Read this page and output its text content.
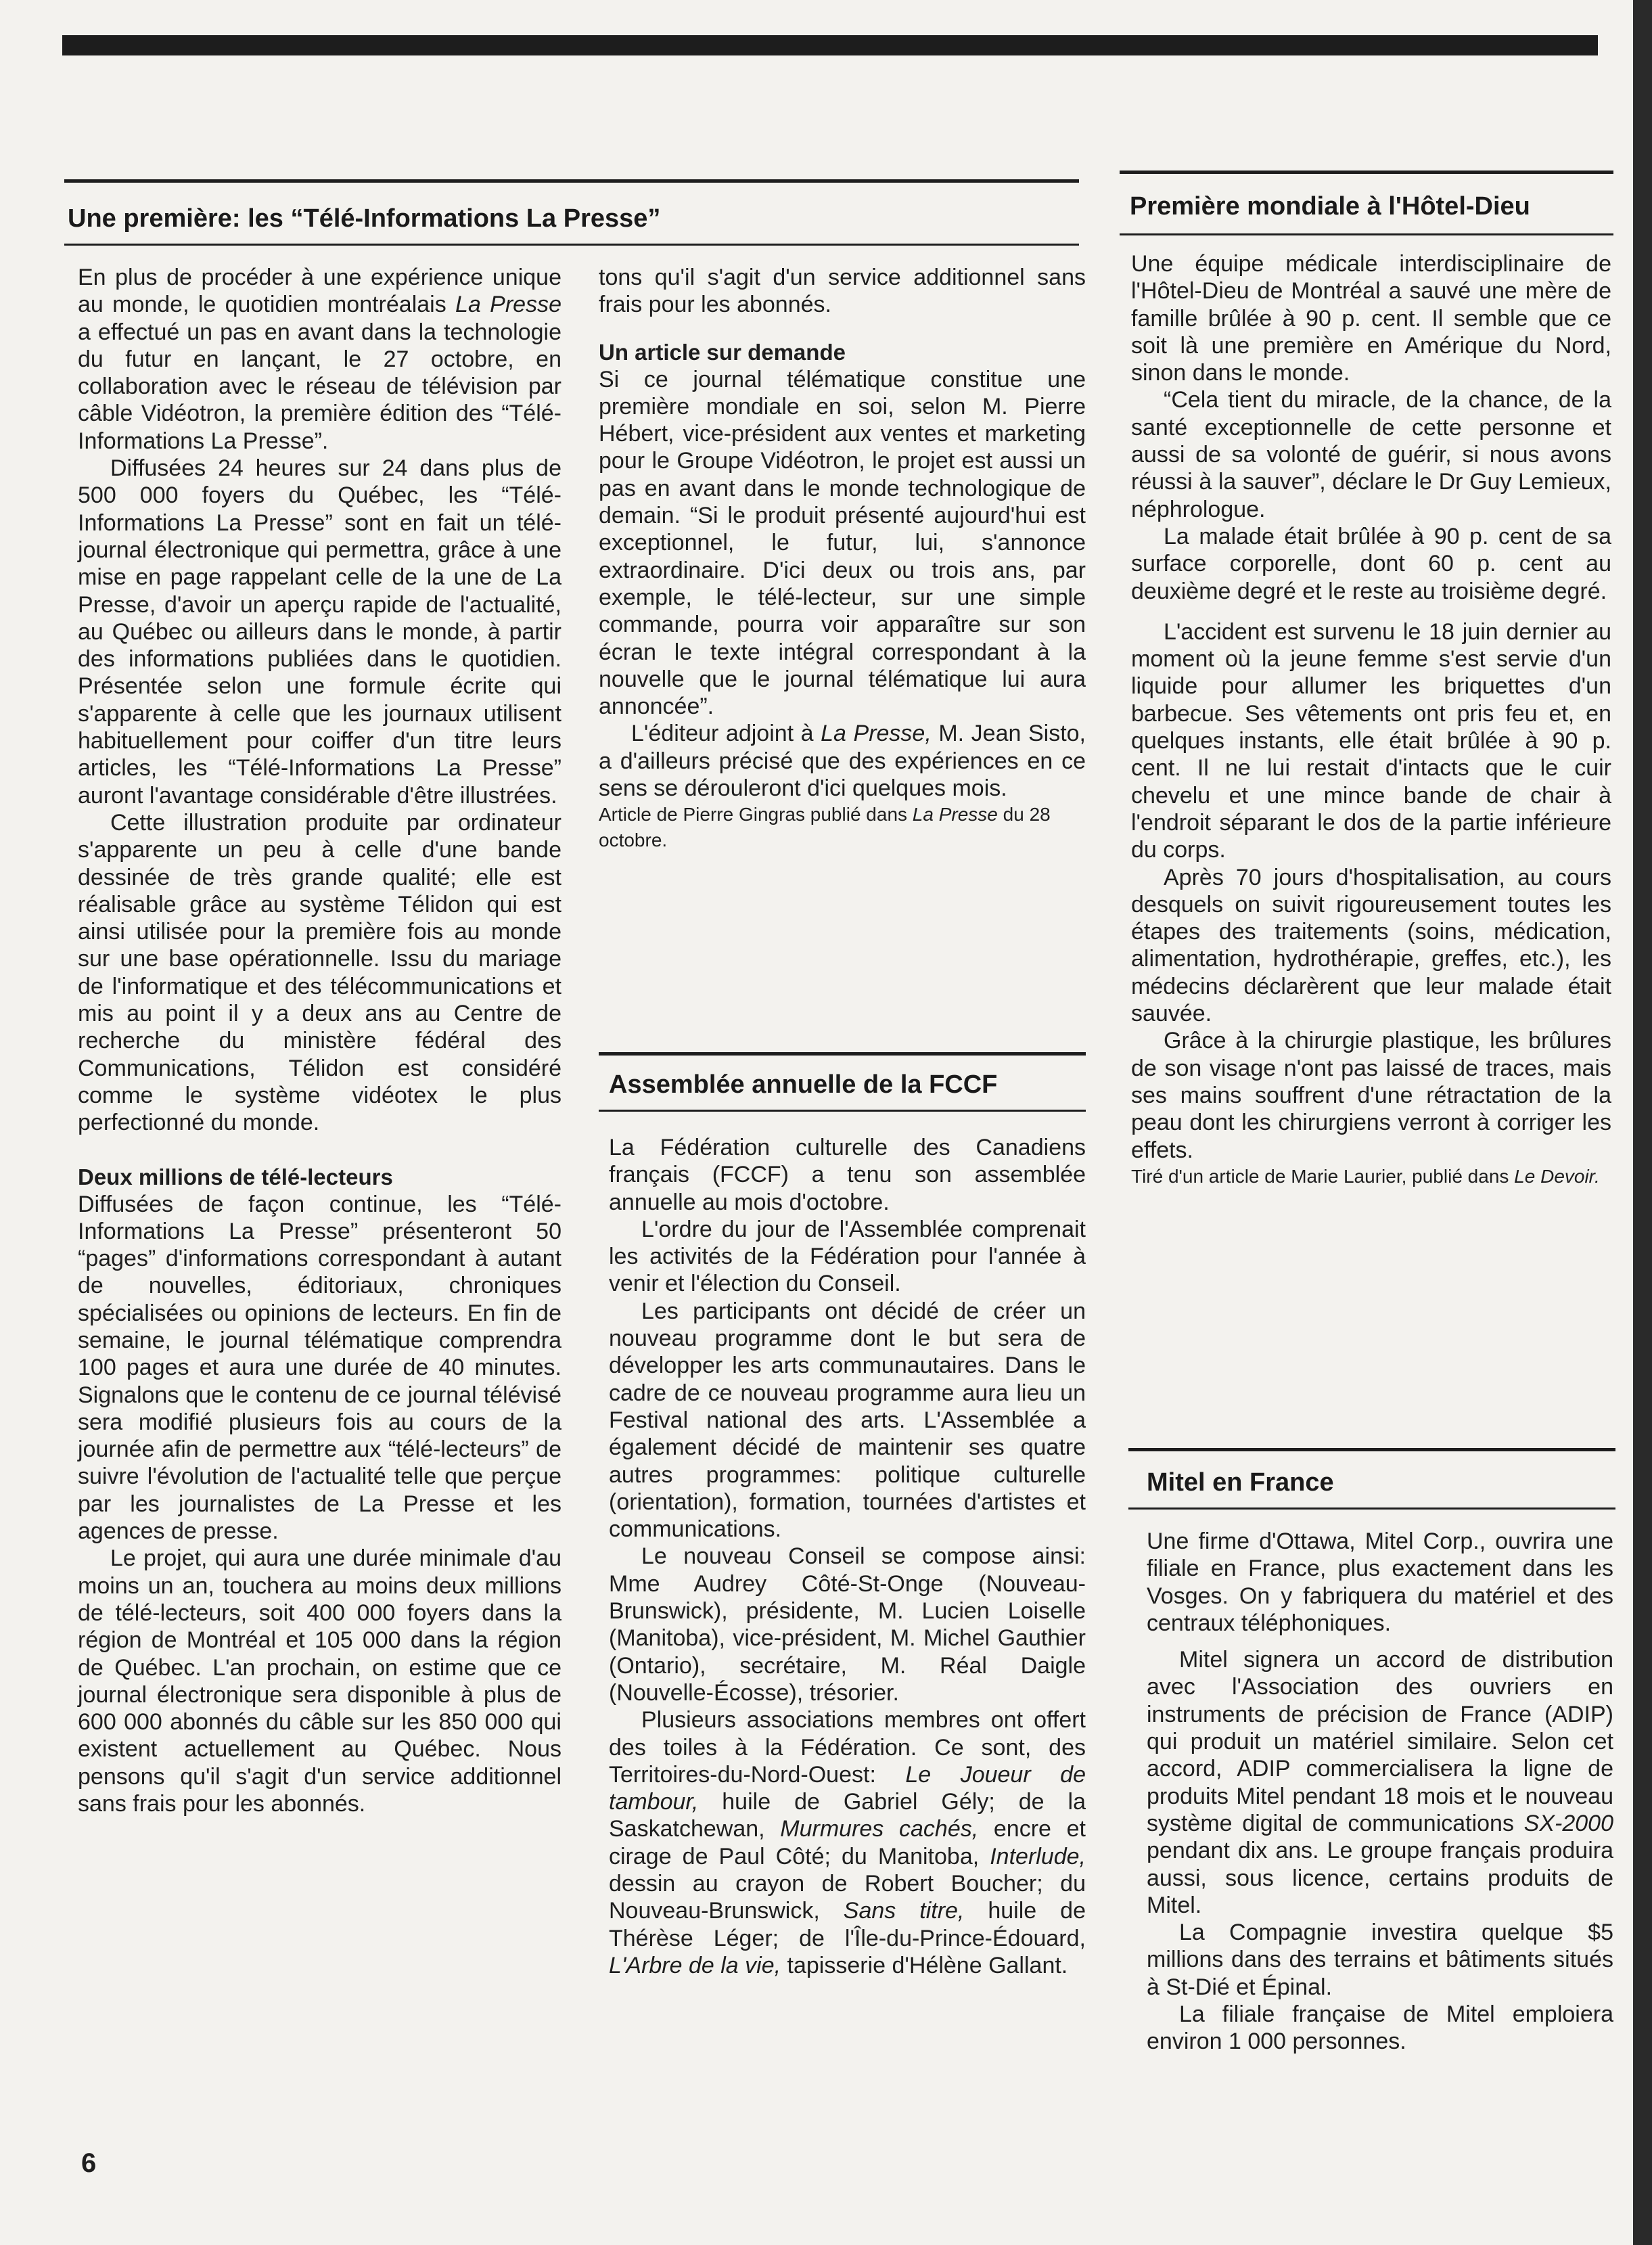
Une première: les “Télé-Informations La Presse”

En plus de procéder à une expérience unique au monde, le quotidien montréalais La Presse a effectué un pas en avant dans la technologie du futur en lançant, le 27 octobre, en collaboration avec le réseau de télévision par câble Vidéotron, la première édition des “Télé-Informations La Presse”.

Diffusées 24 heures sur 24 dans plus de 500 000 foyers du Québec, les “Télé-Informations La Presse” sont en fait un télé-journal électronique qui permettra, grâce à une mise en page rappelant celle de la une de La Presse, d'avoir un aperçu rapide de l'actualité, au Québec ou ailleurs dans le monde, à partir des informations publiées dans le quotidien. Présentée selon une formule écrite qui s'apparente à celle que les journaux utilisent habituellement pour coiffer d'un titre leurs articles, les “Télé-Informations La Presse” auront l'avantage considérable d'être illustrées.

Cette illustration produite par ordinateur s'apparente un peu à celle d'une bande dessinée de très grande qualité; elle est réalisable grâce au système Télidon qui est ainsi utilisée pour la première fois au monde sur une base opérationnelle. Issu du mariage de l'informatique et des télécommunications et mis au point il y a deux ans au Centre de recherche du ministère fédéral des Communications, Télidon est considéré comme le système vidéotex le plus perfectionné du monde.

Deux millions de télé-lecteurs

Diffusées de façon continue, les “Télé-Informations La Presse” présenteront 50 “pages” d'informations correspondant à autant de nouvelles, éditoriaux, chroniques spécialisées ou opinions de lecteurs. En fin de semaine, le journal télématique comprendra 100 pages et aura une durée de 40 minutes. Signalons que le contenu de ce journal télévisé sera modifié plusieurs fois au cours de la journée afin de permettre aux “télé-lecteurs” de suivre l'évolution de l'actualité telle que perçue par les journalistes de La Presse et les agences de presse.

Le projet, qui aura une durée minimale d'au moins un an, touchera au moins deux millions de télé-lecteurs, soit 400 000 foyers dans la région de Montréal et 105 000 dans la région de Québec. L'an prochain, on estime que ce journal électronique sera disponible à plus de 600 000 abonnés du câble sur les 850 000 qui existent actuellement au Québec. Nous pensons qu'il s'agit d'un service additionnel sans frais pour les abonnés.

tons qu'il s'agit d'un service additionnel sans frais pour les abonnés.

Un article sur demande

Si ce journal télématique constitue une première mondiale en soi, selon M. Pierre Hébert, vice-président aux ventes et marketing pour le Groupe Vidéotron, le projet est aussi un pas en avant dans le monde technologique de demain. “Si le produit présenté aujourd'hui est exceptionnel, le futur, lui, s'annonce extraordinaire. D'ici deux ou trois ans, par exemple, le télé-lecteur, sur une simple commande, pourra voir apparaître sur son écran le texte intégral correspondant à la nouvelle que le journal télématique lui aura annoncée”.

L'éditeur adjoint à La Presse, M. Jean Sisto, a d'ailleurs précisé que des expériences en ce sens se dérouleront d'ici quelques mois.

Article de Pierre Gingras publié dans La Presse du 28 octobre.

Assemblée annuelle de la FCCF

La Fédération culturelle des Canadiens français (FCCF) a tenu son assemblée annuelle au mois d'octobre.

L'ordre du jour de l'Assemblée comprenait les activités de la Fédération pour l'année à venir et l'élection du Conseil.

Les participants ont décidé de créer un nouveau programme dont le but sera de développer les arts communautaires. Dans le cadre de ce nouveau programme aura lieu un Festival national des arts. L'Assemblée a également décidé de maintenir ses quatre autres programmes: politique culturelle (orientation), formation, tournées d'artistes et communications.

Le nouveau Conseil se compose ainsi: Mme Audrey Côté-St-Onge (Nouveau-Brunswick), présidente, M. Lucien Loiselle (Manitoba), vice-président, M. Michel Gauthier (Ontario), secrétaire, M. Réal Daigle (Nouvelle-Écosse), trésorier.

Plusieurs associations membres ont offert des toiles à la Fédération. Ce sont, des Territoires-du-Nord-Ouest: Le Joueur de tambour, huile de Gabriel Gély; de la Saskatchewan, Murmures cachés, encre et cirage de Paul Côté; du Manitoba, Interlude, dessin au crayon de Robert Boucher; du Nouveau-Brunswick, Sans titre, huile de Thérèse Léger; de l'Île-du-Prince-Édouard, L'Arbre de la vie, tapisserie d'Hélène Gallant.

Première mondiale à l'Hôtel-Dieu

Une équipe médicale interdisciplinaire de l'Hôtel-Dieu de Montréal a sauvé une mère de famille brûlée à 90 p. cent. Il semble que ce soit là une première en Amérique du Nord, sinon dans le monde.

“Cela tient du miracle, de la chance, de la santé exceptionnelle de cette personne et aussi de sa volonté de guérir, si nous avons réussi à la sauver”, déclare le Dr Guy Lemieux, néphrologue.

La malade était brûlée à 90 p. cent de sa surface corporelle, dont 60 p. cent au deuxième degré et le reste au troisième degré.

L'accident est survenu le 18 juin dernier au moment où la jeune femme s'est servie d'un liquide pour allumer les briquettes d'un barbecue. Ses vêtements ont pris feu et, en quelques instants, elle était brûlée à 90 p. cent. Il ne lui restait d'intacts que le cuir chevelu et une mince bande de chair à l'endroit séparant le dos de la partie inférieure du corps.

Après 70 jours d'hospitalisation, au cours desquels on suivit rigoureusement toutes les étapes des traitements (soins, médication, alimentation, hydrothérapie, greffes, etc.), les médecins déclarèrent que leur malade était sauvée.

Grâce à la chirurgie plastique, les brûlures de son visage n'ont pas laissé de traces, mais ses mains souffrent d'une rétractation de la peau dont les chirurgiens verront à corriger les effets.

Tiré d'un article de Marie Laurier, publié dans Le Devoir.

Mitel en France

Une firme d'Ottawa, Mitel Corp., ouvrira une filiale en France, plus exactement dans les Vosges. On y fabriquera du matériel et des centraux téléphoniques.

Mitel signera un accord de distribution avec l'Association des ouvriers en instruments de précision de France (ADIP) qui produit un matériel similaire. Selon cet accord, ADIP commercialisera la ligne de produits Mitel pendant 18 mois et le nouveau système digital de communications SX-2000 pendant dix ans. Le groupe français produira aussi, sous licence, certains produits de Mitel.

La Compagnie investira quelque $5 millions dans des terrains et bâtiments situés à St-Dié et Épinal.

La filiale française de Mitel emploiera environ 1 000 personnes.

6
